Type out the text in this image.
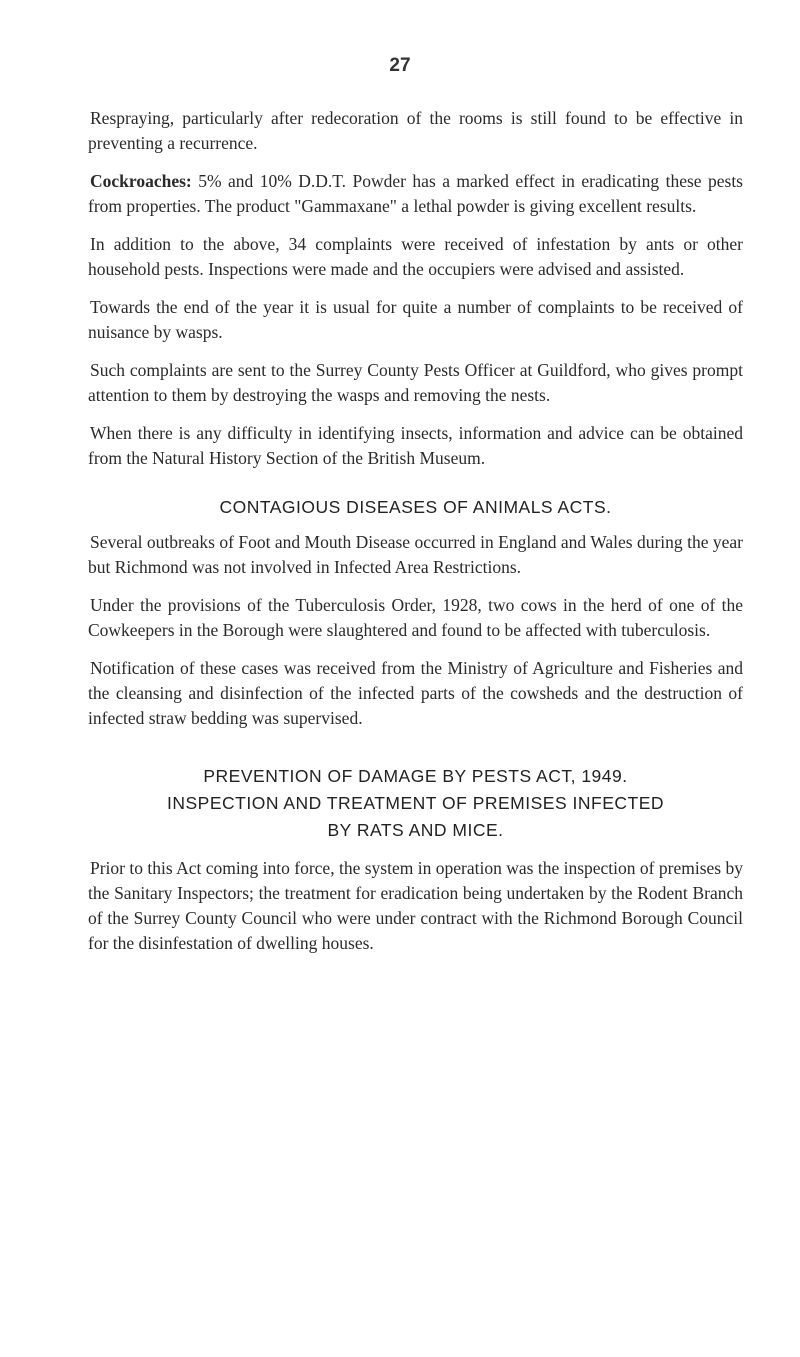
27

Respraying, particularly after redecoration of the rooms is still found to be effective in preventing a recurrence.

Cockroaches: 5% and 10% D.D.T. Powder has a marked effect in eradicating these pests from properties. The product "Gammaxane" a lethal powder is giving excellent results.

In addition to the above, 34 complaints were received of infestation by ants or other household pests. Inspections were made and the occupiers were advised and assisted.

Towards the end of the year it is usual for quite a number of complaints to be received of nuisance by wasps.

Such complaints are sent to the Surrey County Pests Officer at Guildford, who gives prompt attention to them by destroying the wasps and removing the nests.

When there is any difficulty in identifying insects, information and advice can be obtained from the Natural History Section of the British Museum.

CONTAGIOUS DISEASES OF ANIMALS ACTS.

Several outbreaks of Foot and Mouth Disease occurred in England and Wales during the year but Richmond was not involved in Infected Area Restrictions.

Under the provisions of the Tuberculosis Order, 1928, two cows in the herd of one of the Cowkeepers in the Borough were slaughtered and found to be affected with tuberculosis.

Notification of these cases was received from the Ministry of Agriculture and Fisheries and the cleansing and disinfection of the infected parts of the cowsheds and the destruction of infected straw bedding was supervised.

PREVENTION OF DAMAGE BY PESTS ACT, 1949.
INSPECTION AND TREATMENT OF PREMISES INFECTED
BY RATS AND MICE.

Prior to this Act coming into force, the system in operation was the inspection of premises by the Sanitary Inspectors; the treatment for eradication being undertaken by the Rodent Branch of the Surrey County Council who were under contract with the Richmond Borough Council for the disinfestation of dwelling houses.
